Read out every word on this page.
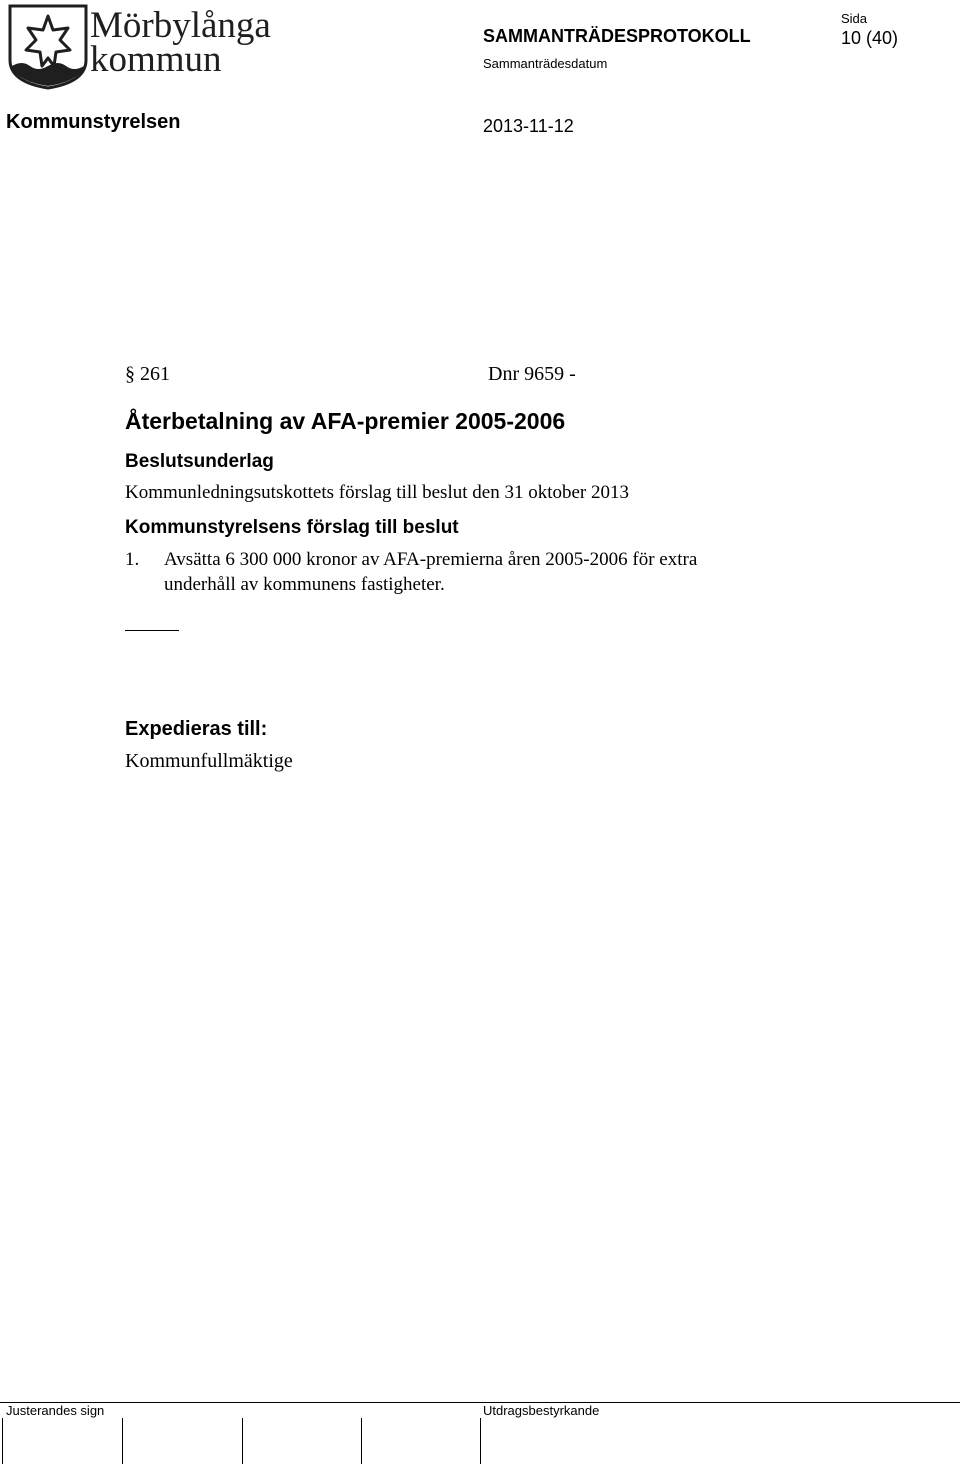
Mörbylånga
kommun
SAMMANTRÄDESPROTOKOLL
Sida
10 (40)
Sammanträdesdatum
Kommunstyrelsen	2013-11-12
§ 261	Dnr 9659 -
Återbetalning av AFA-premier 2005-2006
Beslutsunderlag
Kommunledningsutskottets förslag till beslut den 31 oktober 2013
Kommunstyrelsens förslag till beslut
1. Avsätta 6 300 000 kronor av AFA-premierna åren 2005-2006 för extra
underhåll av kommunens fastigheter.
Expedieras till:
Kommunfullmäktige
Justerandes sign	Utdragsbestyrkande
